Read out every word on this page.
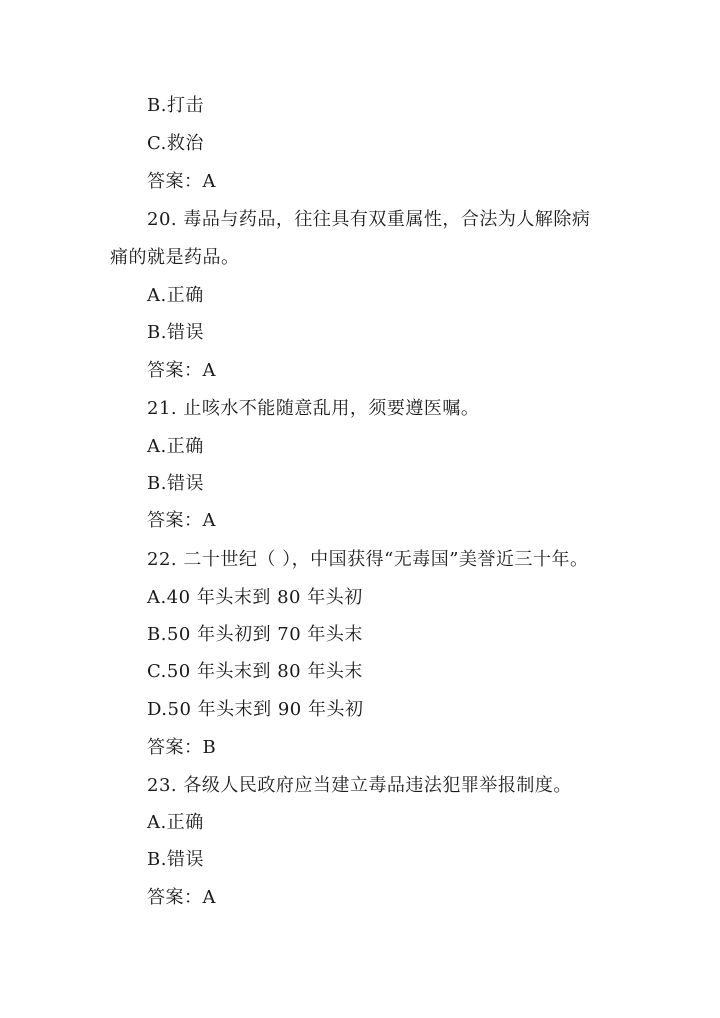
B.打击
C.救治
答案：A
20. 毒品与药品，往往具有双重属性，合法为人解除病
痛的就是药品。
A.正确
B.错误
答案：A
21. 止咳水不能随意乱用，须要遵医嘱。
A.正确
B.错误
答案：A
22. 二十世纪（ ），中国获得“无毒国”美誉近三十年。
A.40 年头末到 80 年头初
B.50 年头初到 70 年头末
C.50 年头末到 80 年头末
D.50 年头末到 90 年头初
答案：B
23. 各级人民政府应当建立毒品违法犯罪举报制度。
A.正确
B.错误
答案：A
